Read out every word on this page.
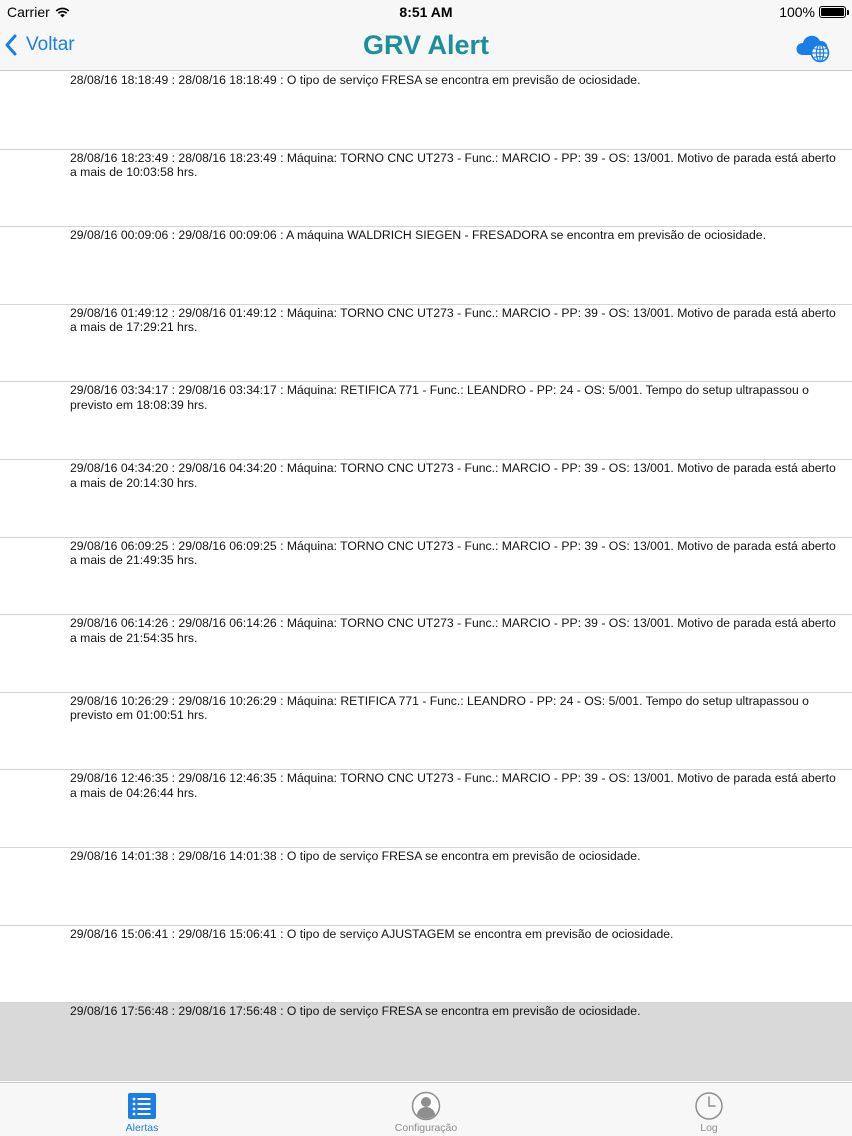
Carrier	8:51 AM	100%
Voltar	GRV Alert
28/08/16 18:18:49 : 28/08/16 18:18:49 : O tipo de serviço FRESA se encontra em previsão de ociosidade.
28/08/16 18:23:49 : 28/08/16 18:23:49 : Máquina: TORNO CNC UT273 - Func.: MARCIO - PP: 39 - OS: 13/001. Motivo de parada está aberto a mais de 10:03:58 hrs.
29/08/16 00:09:06 : 29/08/16 00:09:06 : A máquina WALDRICH SIEGEN - FRESADORA se encontra em previsão de ociosidade.
29/08/16 01:49:12 : 29/08/16 01:49:12 : Máquina: TORNO CNC UT273 - Func.: MARCIO - PP: 39 - OS: 13/001. Motivo de parada está aberto a mais de 17:29:21 hrs.
29/08/16 03:34:17 : 29/08/16 03:34:17 : Máquina: RETIFICA 771 - Func.: LEANDRO - PP: 24 - OS: 5/001. Tempo do setup ultrapassou o previsto em 18:08:39 hrs.
29/08/16 04:34:20 : 29/08/16 04:34:20 : Máquina: TORNO CNC UT273 - Func.: MARCIO - PP: 39 - OS: 13/001. Motivo de parada está aberto a mais de 20:14:30 hrs.
29/08/16 06:09:25 : 29/08/16 06:09:25 : Máquina: TORNO CNC UT273 - Func.: MARCIO - PP: 39 - OS: 13/001. Motivo de parada está aberto a mais de 21:49:35 hrs.
29/08/16 06:14:26 : 29/08/16 06:14:26 : Máquina: TORNO CNC UT273 - Func.: MARCIO - PP: 39 - OS: 13/001. Motivo de parada está aberto a mais de 21:54:35 hrs.
29/08/16 10:26:29 : 29/08/16 10:26:29 : Máquina: RETIFICA 771 - Func.: LEANDRO - PP: 24 - OS: 5/001. Tempo do setup ultrapassou o previsto em 01:00:51 hrs.
29/08/16 12:46:35 : 29/08/16 12:46:35 : Máquina: TORNO CNC UT273 - Func.: MARCIO - PP: 39 - OS: 13/001. Motivo de parada está aberto a mais de 04:26:44 hrs.
29/08/16 14:01:38 : 29/08/16 14:01:38 : O tipo de serviço FRESA se encontra em previsão de ociosidade.
29/08/16 15:06:41 : 29/08/16 15:06:41 : O tipo de serviço AJUSTAGEM se encontra em previsão de ociosidade.
29/08/16 17:56:48 : 29/08/16 17:56:48 : O tipo de serviço FRESA se encontra em previsão de ociosidade.
Alertas	Configuração	Log
